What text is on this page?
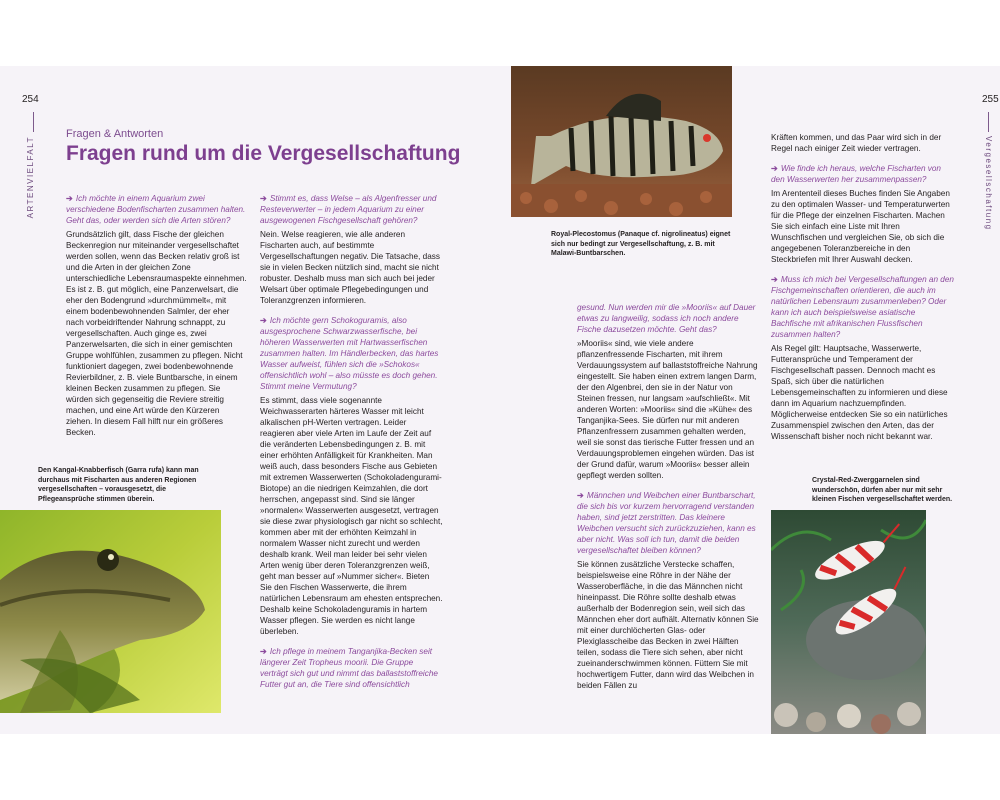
254
ARTENVIELFALT
255
Vergesellschaftung
Fragen & Antworten
Fragen rund um die Vergesellschaftung
➔ Ich möchte in einem Aquarium zwei verschiedene Bodenfischarten zusammen halten. Geht das, oder werden sich die Arten stören?

Grundsätzlich gilt, dass Fische der gleichen Beckenregion nur miteinander vergesellschaftet werden sollen, wenn das Becken relativ groß ist und die Arten in der gleichen Zone unterschiedliche Lebensraumaspekte einnehmen. Es ist z. B. gut möglich, eine Panzerwelsart, die eher den Bodengrund »durchmümmelt«, mit einem bodenbewohnenden Salmler, der eher nach vorbeidriftender Nahrung schnappt, zu vergesellschaften. Auch ginge es, zwei Panzerwelsarten, die sich in einer gemischten Gruppe wohlfühlen, zusammen zu pflegen. Nicht funktioniert dagegen, zwei bodenbewohnende Revierbildner, z. B. viele Buntbarsche, in einem kleinen Becken zusammen zu pflegen. Sie würden sich gegenseitig die Reviere streitig machen, und eine Art würde den Kürzeren ziehen. In diesem Fall hilft nur ein größeres Becken.

Den Kangal-Knabberfisch (Garra rufa) kann man durchaus mit Fischarten aus anderen Regionen vergesellschaften – vorausgesetzt, die Pflegeansprüche stimmen überein.
➔ Stimmt es, dass Welse – als Algenfresser und Resteverwerter – in jedem Aquarium zu einer ausgewogenen Fischgesellschaft gehören?

Nein. Welse reagieren, wie alle anderen Fischarten auch, auf bestimmte Vergesellschaftungen negativ. Die Tatsache, dass sie in vielen Becken nützlich sind, macht sie nicht robuster. Deshalb muss man sich auch bei jeder Welsart über optimale Pflegebedingungen und Toleranzgrenzen informieren.

➔ Ich möchte gern Schokoguramis, also ausgesprochene Schwarzwasserfische, bei höheren Wasserwerten mit Hartwasserfischen zusammen halten. Im Händlerbecken, das hartes Wasser aufweist, fühlen sich die »Schokos« offensichtlich wohl – also müsste es doch gehen. Stimmt meine Vermutung?

Es stimmt, dass viele sogenannte Weichwasserarten härteres Wasser mit leicht alkalischen pH-Werten vertragen. Leider reagieren aber viele Arten im Laufe der Zeit auf die veränderten Lebensbedingungen z. B. mit einer erhöhten Anfälligkeit für Krankheiten. Man weiß auch, dass besonders Fische aus Gebieten mit extremen Wasserwerten (Schokoladengurami-Biotope) an die niedrigen Keimzahlen, die dort herrschen, angepasst sind. Sind sie länger »normalen« Wasserwerten ausgesetzt, vertragen sie diese zwar physiologisch gar nicht so schlecht, kommen aber mit der erhöhten Keimzahl in normalem Wasser nicht zurecht und werden deshalb krank. Weil man leider bei sehr vielen Arten wenig über deren Toleranzgrenzen weiß, geht man besser auf »Nummer sicher«. Bieten Sie den Fischen Wasserwerte, die ihrem natürlichen Lebensraum am ehesten entsprechen. Deshalb keine Schokoladenguramis in hartem Wasser pflegen. Sie werden es nicht lange überleben.

➔ Ich pflege in meinem Tanganjika-Becken seit längerer Zeit Tropheus moorii. Die Gruppe verträgt sich gut und nimmt das ballaststoffreiche Futter gut an, die Tiere sind offensichtlich
Royal-Plecostomus (Panaque cf. nigrolineatus) eignet sich nur bedingt zur Vergesellschaftung, z. B. mit Malawi-Buntbarschen.
gesund. Nun werden mir die »Mooriis« auf Dauer etwas zu langweilig, sodass ich noch andere Fische dazusetzen möchte. Geht das?

»Mooriis« sind, wie viele andere pflanzenfressende Fischarten, mit ihrem Verdauungssystem auf ballaststoffreiche Nahrung eingestellt. Sie haben einen extrem langen Darm, der den Algenbrei, den sie in der Natur von Steinen fressen, nur langsam »aufschließt«. Mit anderen Worten: »Mooriis« sind die »Kühe« des Tanganjika-Sees. Sie dürfen nur mit anderen Pflanzenfressern zusammen gehalten werden, weil sie sonst das tierische Futter fressen und an Verdauungsproblemen eingehen würden. Das ist der Grund dafür, warum »Mooriis« besser allein gepflegt werden sollten.

➔ Männchen und Weibchen einer Buntbarschart, die sich bis vor kurzem hervorragend verstanden haben, sind jetzt zerstritten. Das kleinere Weibchen versucht sich zurückzuziehen, kann es aber nicht. Was soll ich tun, damit die beiden vergesellschaftet bleiben können?

Sie können zusätzliche Verstecke schaffen, beispielsweise eine Röhre in der Nähe der Wasseroberfläche, in die das Männchen nicht hineinpasst. Die Röhre sollte deshalb etwas außerhalb der Bodenregion sein, weil sich das Männchen eher dort aufhält. Alternativ können Sie mit einer durchlöcherten Glas- oder Plexiglasscheibe das Becken in zwei Hälften teilen, sodass die Tiere sich sehen, aber nicht zueinanderschwimmen können. Füttern Sie mit hochwertigem Futter, dann wird das Weibchen in beiden Fällen zu

Kräften kommen, und das Paar wird sich in der Regel nach einiger Zeit wieder vertragen.

➔ Wie finde ich heraus, welche Fischarten von den Wasserwerten her zusammenpassen?

Im Arententeil dieses Buches finden Sie Angaben zu den optimalen Wasser- und Temperaturwerten für die Pflege der einzelnen Fischarten. Machen Sie sich einfach eine Liste mit Ihren Wunschfischen und vergleichen Sie, ob sich die angegebenen Toleranzbereiche in den Steckbriefen mit Ihrer Auswahl decken.

➔ Muss ich mich bei Vergesellschaftungen an den Fischgemeinschaften orientieren, die auch im natürlichen Lebensraum zusammenleben? Oder kann ich auch beispielsweise asiatische Bachfische mit afrikanischen Flussfischen zusammen halten?

Als Regel gilt: Hauptsache, Wasserwerte, Futteransprüche und Temperament der Fischgesellschaft passen. Dennoch macht es Spaß, sich über die natürlichen Lebensgemeinschaften zu informieren und diese dann im Aquarium nachzuempfinden. Möglicherweise entdecken Sie so ein natürliches Zusammenspiel zwischen den Arten, das der Wissenschaft bisher noch nicht bekannt war.

Crystal-Red-Zwerggarnelen sind wunderschön, dürfen aber nur mit sehr kleinen Fischen vergesellschaftet werden.
